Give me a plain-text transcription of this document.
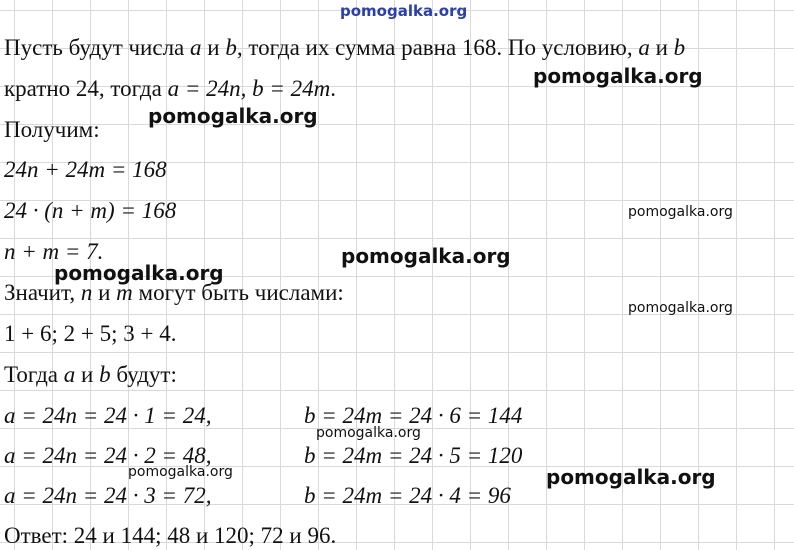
pomogalka.org
pomogalka.org
pomogalka.org
pomogalka.org
pomogalka.org
pomogalka.org
pomogalka.org
pomogalka.org
pomogalka.org	pomogalka.org
Пусть будут числа a и b, тогда их сумма равна 168. По условию, a и b
кратно 24, тогда a = 24n, b = 24m.
Получим:
24n + 24m = 168
24 · (n + m) = 168
n + m = 7.
Значит, n и m могут быть числами:
1 + 6; 2 + 5; 3 + 4.
Тогда a и b будут:
a = 24n = 24 · 1 = 24,	b = 24m = 24 · 6 = 144
a = 24n = 24 · 2 = 48,	b = 24m = 24 · 5 = 120
a = 24n = 24 · 3 = 72,	b = 24m = 24 · 4 = 96
Ответ: 24 и 144; 48 и 120; 72 и 96.
